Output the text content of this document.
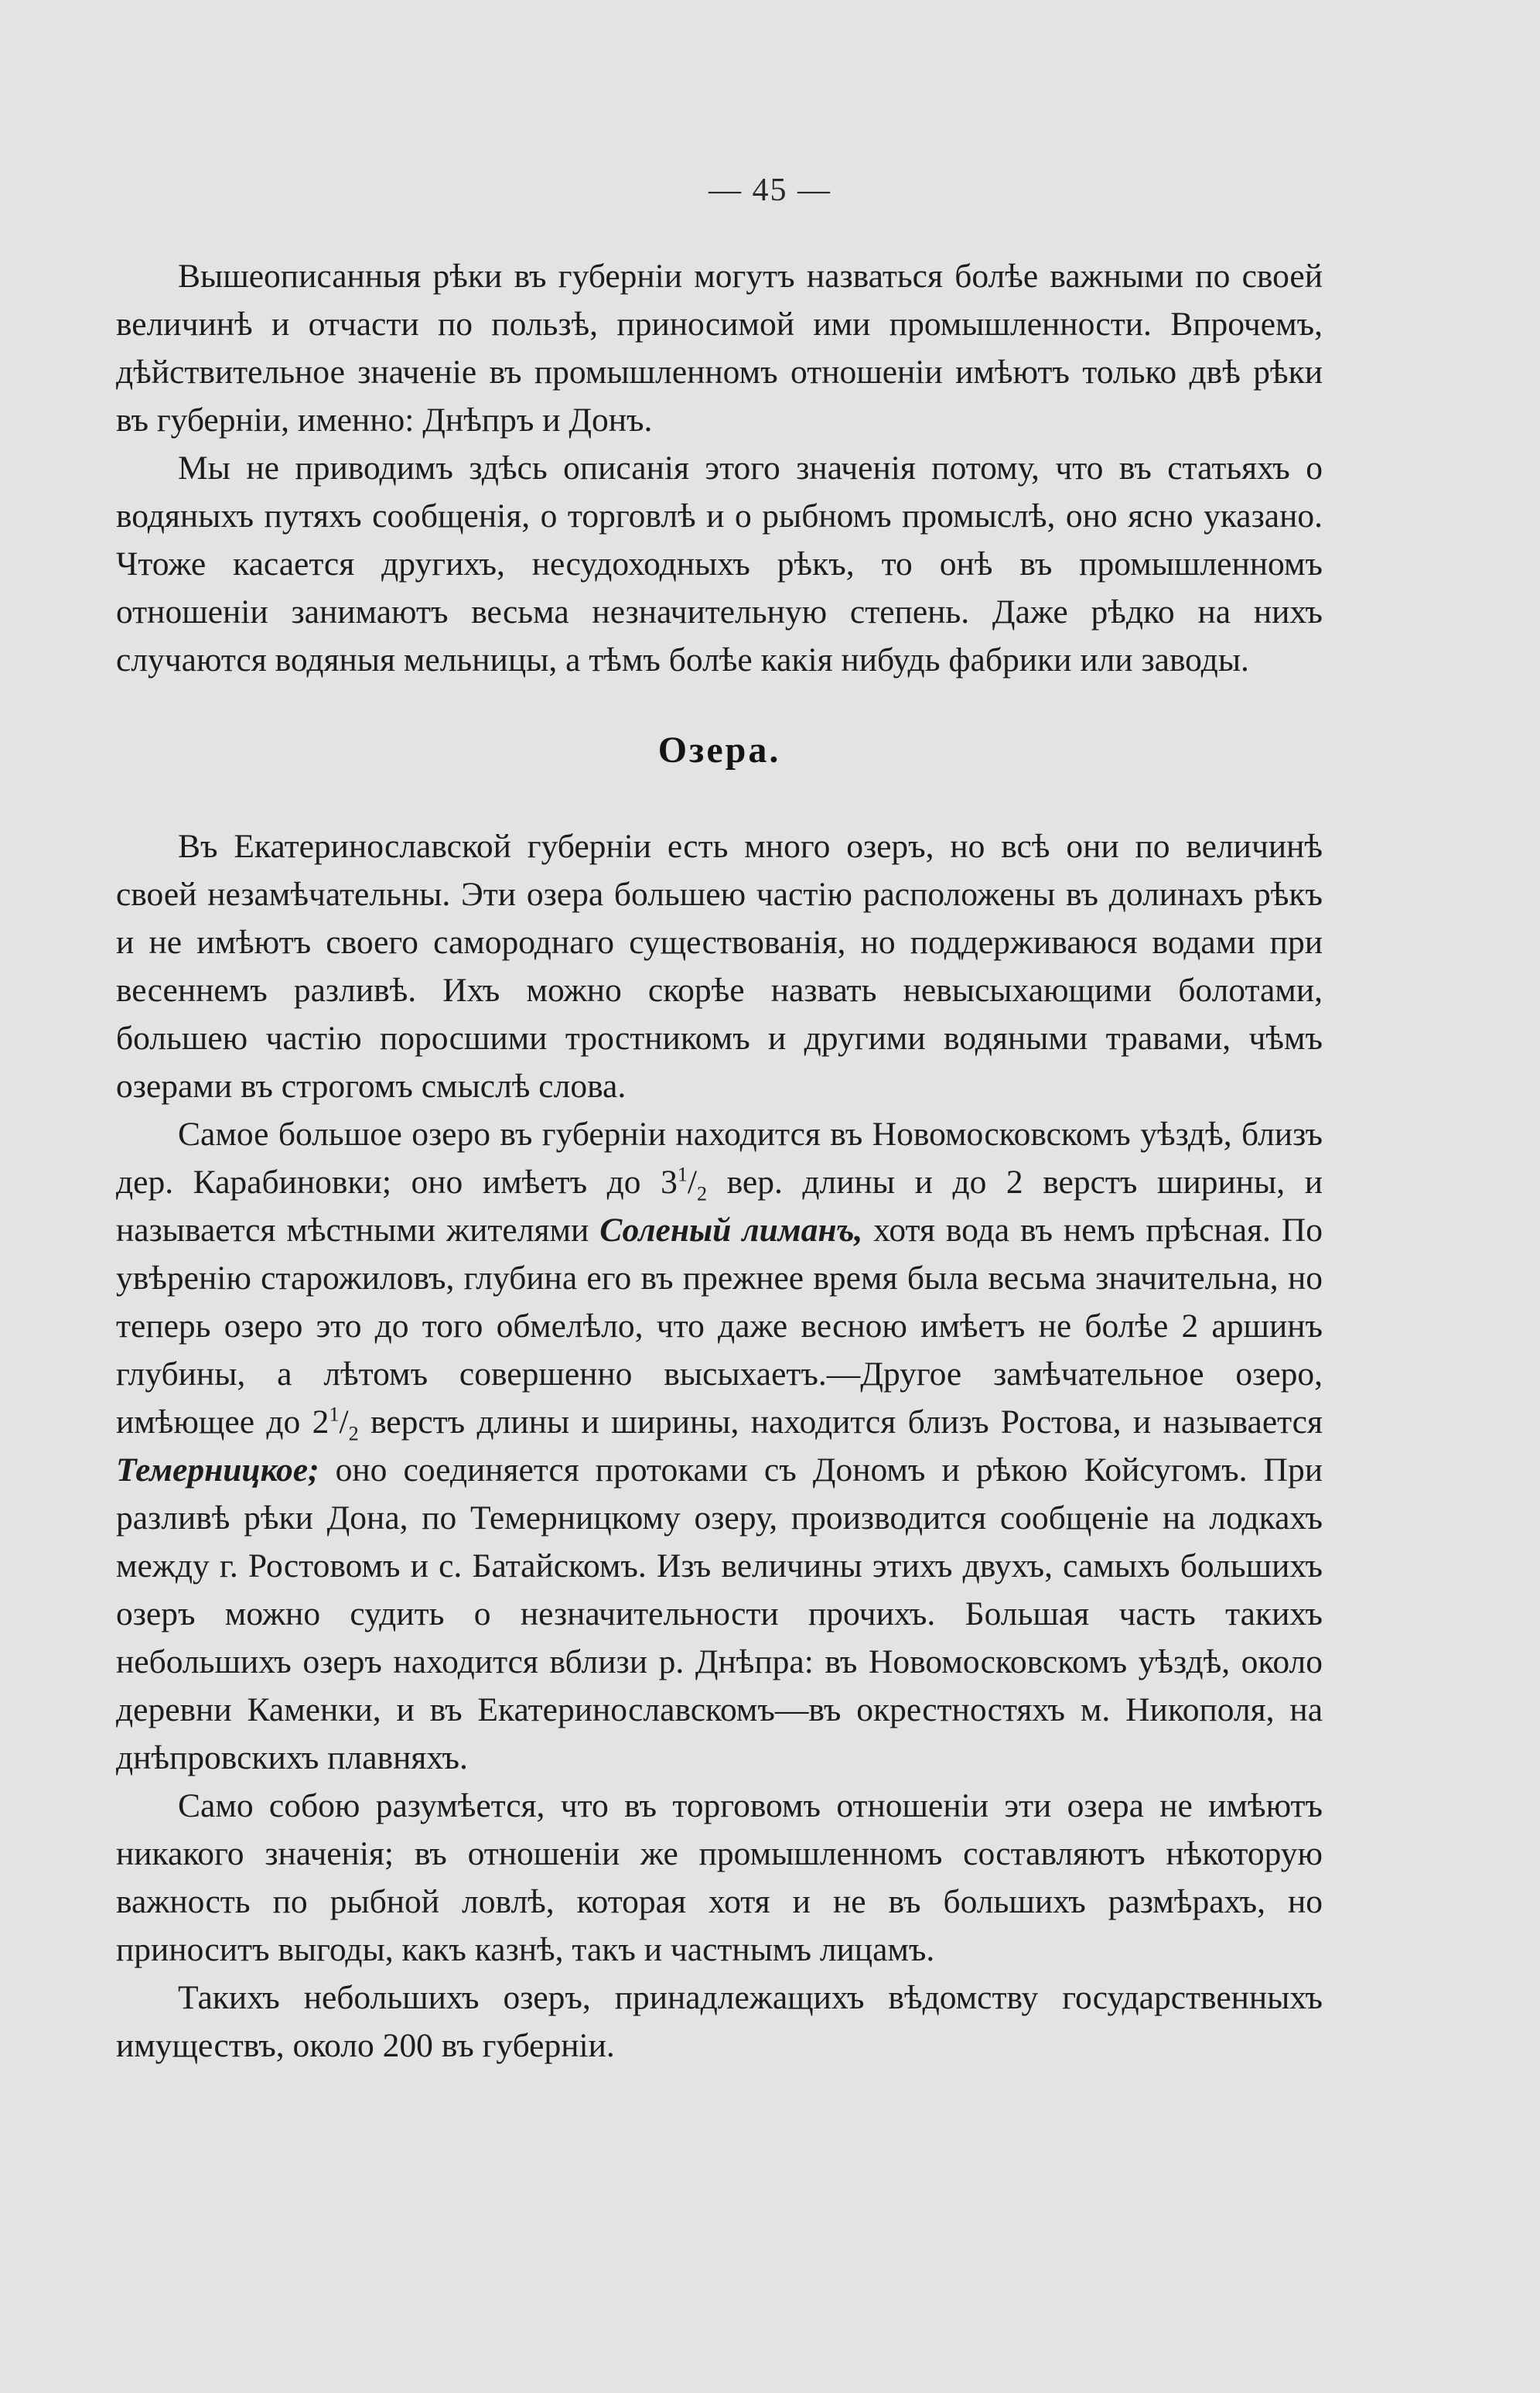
— 45 —

Вышеописанныя рѣки въ губерніи могутъ назваться болѣе важными по своей величинѣ и отчасти по пользѣ, приносимой ими промышленности. Впрочемъ, дѣйствительное значеніе въ промышленномъ отношеніи имѣютъ только двѣ рѣки въ губерніи, именно: Днѣпръ и Донъ.

Мы не приводимъ здѣсь описанія этого значенія потому, что въ статьяхъ о водяныхъ путяхъ сообщенія, о торговлѣ и о рыбномъ промыслѣ, оно ясно указано. Чтоже касается другихъ, несудоходныхъ рѣкъ, то онѣ въ промышленномъ отношеніи занимаютъ весьма незначительную степень. Даже рѣдко на нихъ случаются водяныя мельницы, а тѣмъ болѣе какія нибудь фабрики или заводы.

Озера.

Въ Екатеринославской губерніи есть много озеръ, но всѣ они по величинѣ своей незамѣчательны. Эти озера большею частію расположены въ долинахъ рѣкъ и не имѣютъ своего самороднаго существованія, но поддерживаюся водами при весеннемъ разливѣ. Ихъ можно скорѣе назвать невысыхающими болотами, большею частію поросшими тростникомъ и другими водяными травами, чѣмъ озерами въ строгомъ смыслѣ слова.

Самое большое озеро въ губерніи находится въ Новомосковскомъ уѣздѣ, близъ дер. Карабиновки; оно имѣетъ до $3^1/_2$ вер. длины и до 2 верстъ ширины, и называется мѣстными жителями Соленый лиманъ, хотя вода въ немъ прѣсная. По увѣренію старожиловъ, глубина его въ прежнее время была весьма значительна, но теперь озеро это до того обмелѣло, что даже весною имѣетъ не болѣе 2 аршинъ глубины, а лѣтомъ совершенно высыхаетъ.—Другое замѣчательное озеро, имѣющее до $2^1/_2$ верстъ длины и ширины, находится близъ Ростова, и называется Темерницкое; оно соединяется протоками съ Дономъ и рѣкою Койсугомъ. При разливѣ рѣки Дона, по Темерницкому озеру, производится сообщеніе на лодкахъ между г. Ростовомъ и с. Батайскомъ. Изъ величины этихъ двухъ, самыхъ большихъ озеръ можно судить о незначительности прочихъ. Большая часть такихъ небольшихъ озеръ находится вблизи р. Днѣпра: въ Новомосковскомъ уѣздѣ, около деревни Каменки, и въ Екатеринославскомъ—въ окрестностяхъ м. Никополя, на днѣпровскихъ плавняхъ.

Само собою разумѣется, что въ торговомъ отношеніи эти озера не имѣютъ никакого значенія; въ отношеніи же промышленномъ составляютъ нѣкоторую важность по рыбной ловлѣ, которая хотя и не въ большихъ размѣрахъ, но приноситъ выгоды, какъ казнѣ, такъ и частнымъ лицамъ.

Такихъ небольшихъ озеръ, принадлежащихъ вѣдомству государственныхъ имуществъ, около 200 въ губерніи.
